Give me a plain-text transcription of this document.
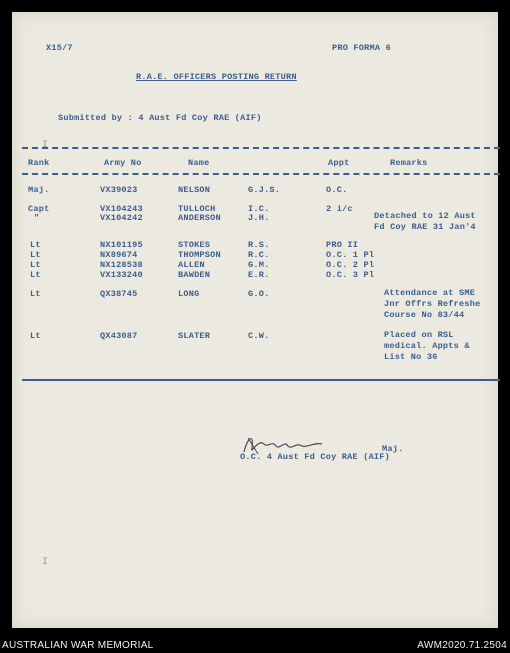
X15/7	PRO FORMA 6
R.A.E. OFFICERS POSTING RETURN
Submitted by : 4 Aust Fd Coy RAE (AIF)
I
Rank	Army No	Name	Appt	Remarks
Maj.	VX39023	NELSON	G.J.S.	O.C.
Capt	VX104243	TULLOCH	I.C.	2 i/c
"	VX104242	ANDERSON	J.H.	Detached to 12 Aust
Fd Coy RAE 31 Jan'4
Lt	NX101195	STOKES	R.S.	PRO II
Lt	NX89674	THOMPSON	R.C.	O.C. 1 Pl
Lt	NX128538	ALLEN	G.M.	O.C. 2 Pl
Lt	VX133240	BAWDEN	E.R.	O.C. 3 Pl
Lt	QX38745	LONG	G.O.	Attendance at SME
Jnr Offrs Refreshe
Course No 83/44
Lt	QX43087	SLATER	C.W.	Placed on RSL
medical. Appts &
List No 36
Maj.
O.C. 4 Aust Fd Coy RAE (AIF)
I
AUSTRALIAN WAR MEMORIAL	AWM2020.71.2504
